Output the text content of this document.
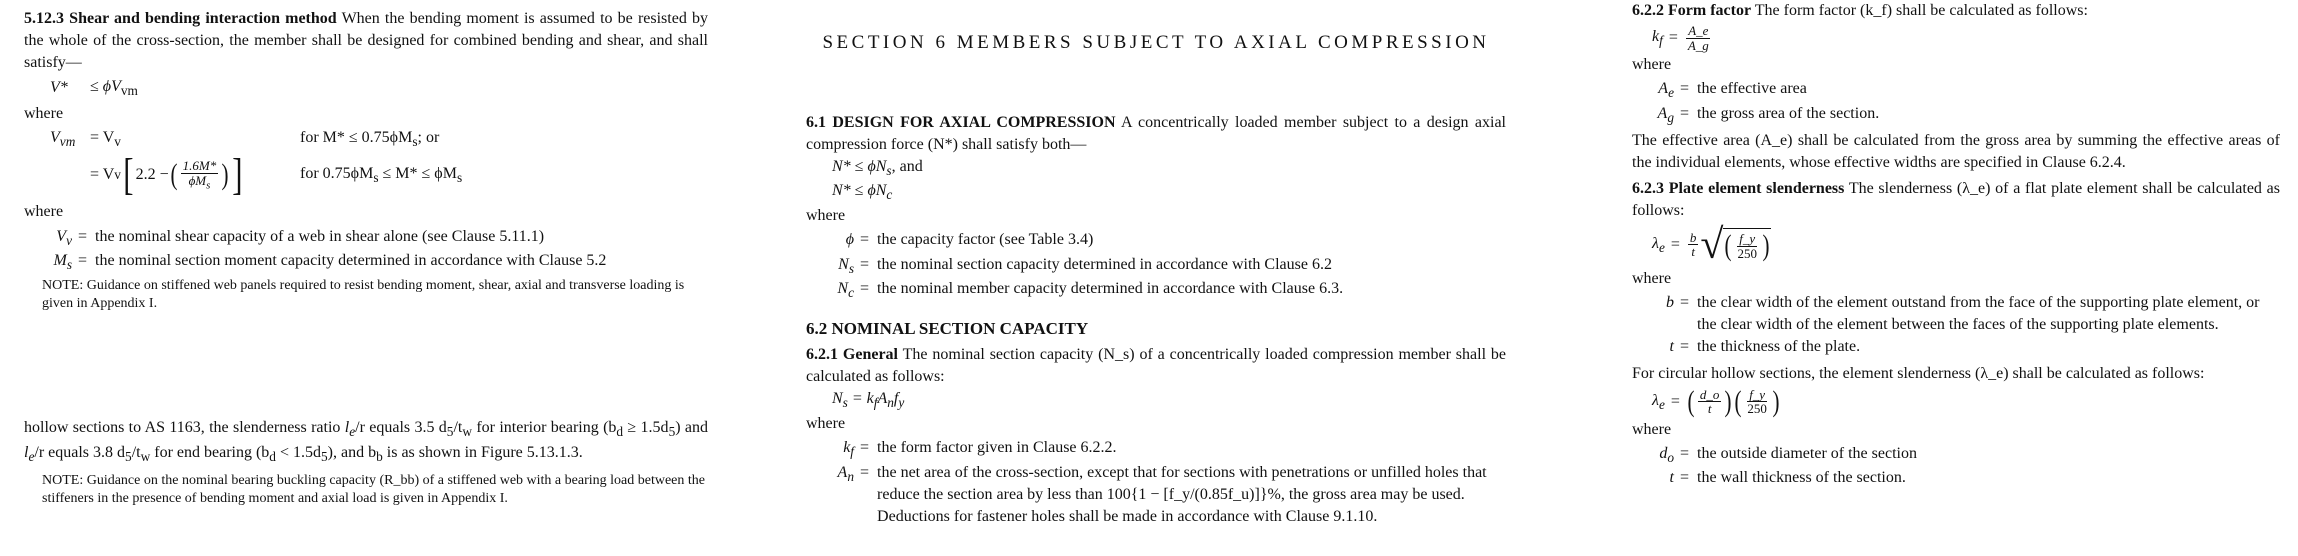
5.12.3 Shear and bending interaction method When the bending moment is assumed to be resisted by the whole of the cross-section, the member shall be designed for combined bending and shear, and shall satisfy—

V*	≤ $\phi V_{vm}$

where

$V_{vm} = V_v$	for $M* \le 0.75\phi M_s$; or
= V v [ 2.2 − ( $\frac{1.6M*}{\phi M_s}$ ) ]	for $0.75\phi M_s \le M* \le \phi M_s$

where

$V_v$ = the nominal shear capacity of a web in shear alone (see Clause 5.11.1)
$M_s$ = the nominal section moment capacity determined in accordance with Clause 5.2

NOTE: Guidance on stiffened web panels required to resist bending moment, shear, axial and transverse loading is given in Appendix I.

hollow sections to AS 1163, the slenderness ratio $l_e/r$ equals 3.5 $d_5/t_w$ for interior bearing $(b_d \ge 1.5d_5)$ and $l_e/r$ equals 3.8 $d_5/t_w$ for end bearing $(b_d < 1.5d_5)$, and $b_b$ is as shown in Figure 5.13.1.3.

NOTE: Guidance on the nominal bearing buckling capacity (R_bb) of a stiffened web with a bearing load between the stiffeners in the presence of bending moment and axial load is given in Appendix I.

SECTION 6 MEMBERS SUBJECT TO AXIAL COMPRESSION

6.1 DESIGN FOR AXIAL COMPRESSION A concentrically loaded member subject to a design axial compression force (N*) shall satisfy both—

$N* \le \phi N_s$, and
$N* \le \phi N_c$

where

ϕ = the capacity factor (see Table 3.4)
$N_s$ = the nominal section capacity determined in accordance with Clause 6.2
$N_c$ = the nominal member capacity determined in accordance with Clause 6.3.

6.2 NOMINAL SECTION CAPACITY

6.2.1 General The nominal section capacity (N_s) of a concentrically loaded compression member shall be calculated as follows:

$N_s = k_fA_nf_y$

where

$k_f$ = the form factor given in Clause 6.2.2.
$A_n$ = the net area of the cross-section, except that for sections with penetrations or unfilled holes that reduce the section area by less than 100{1 − [f_y/(0.85f_u)]}%, the gross area may be used. Deductions for fastener holes shall be made in accordance with Clause 9.1.10.

6.2.2 Form factor The form factor (k_f) shall be calculated as follows:

$k_f = \frac{A\_e}{A\_g}$

where

$A_e$ = the effective area
$A_g$ = the gross area of the section.

The effective area (A_e) shall be calculated from the gross area by summing the effective areas of the individual elements, whose effective widths are specified in Clause 6.2.4.

6.2.3 Plate element slenderness The slenderness (λ_e) of a flat plate element shall be calculated as follows:

$\lambda_e = \frac{b}{t}$ √ ( $\frac{f\_y}{250}$ )

where

b = the clear width of the element outstand from the face of the supporting plate element, or the clear width of the element between the faces of the supporting plate elements.
t = the thickness of the plate.

For circular hollow sections, the element slenderness (λ_e) shall be calculated as follows:

$\lambda_e$ = ( $\frac{d\_o}{t}$ ) ( $\frac{f\_y}{250}$ )

where

$d_o$ = the outside diameter of the section
t = the wall thickness of the section.
